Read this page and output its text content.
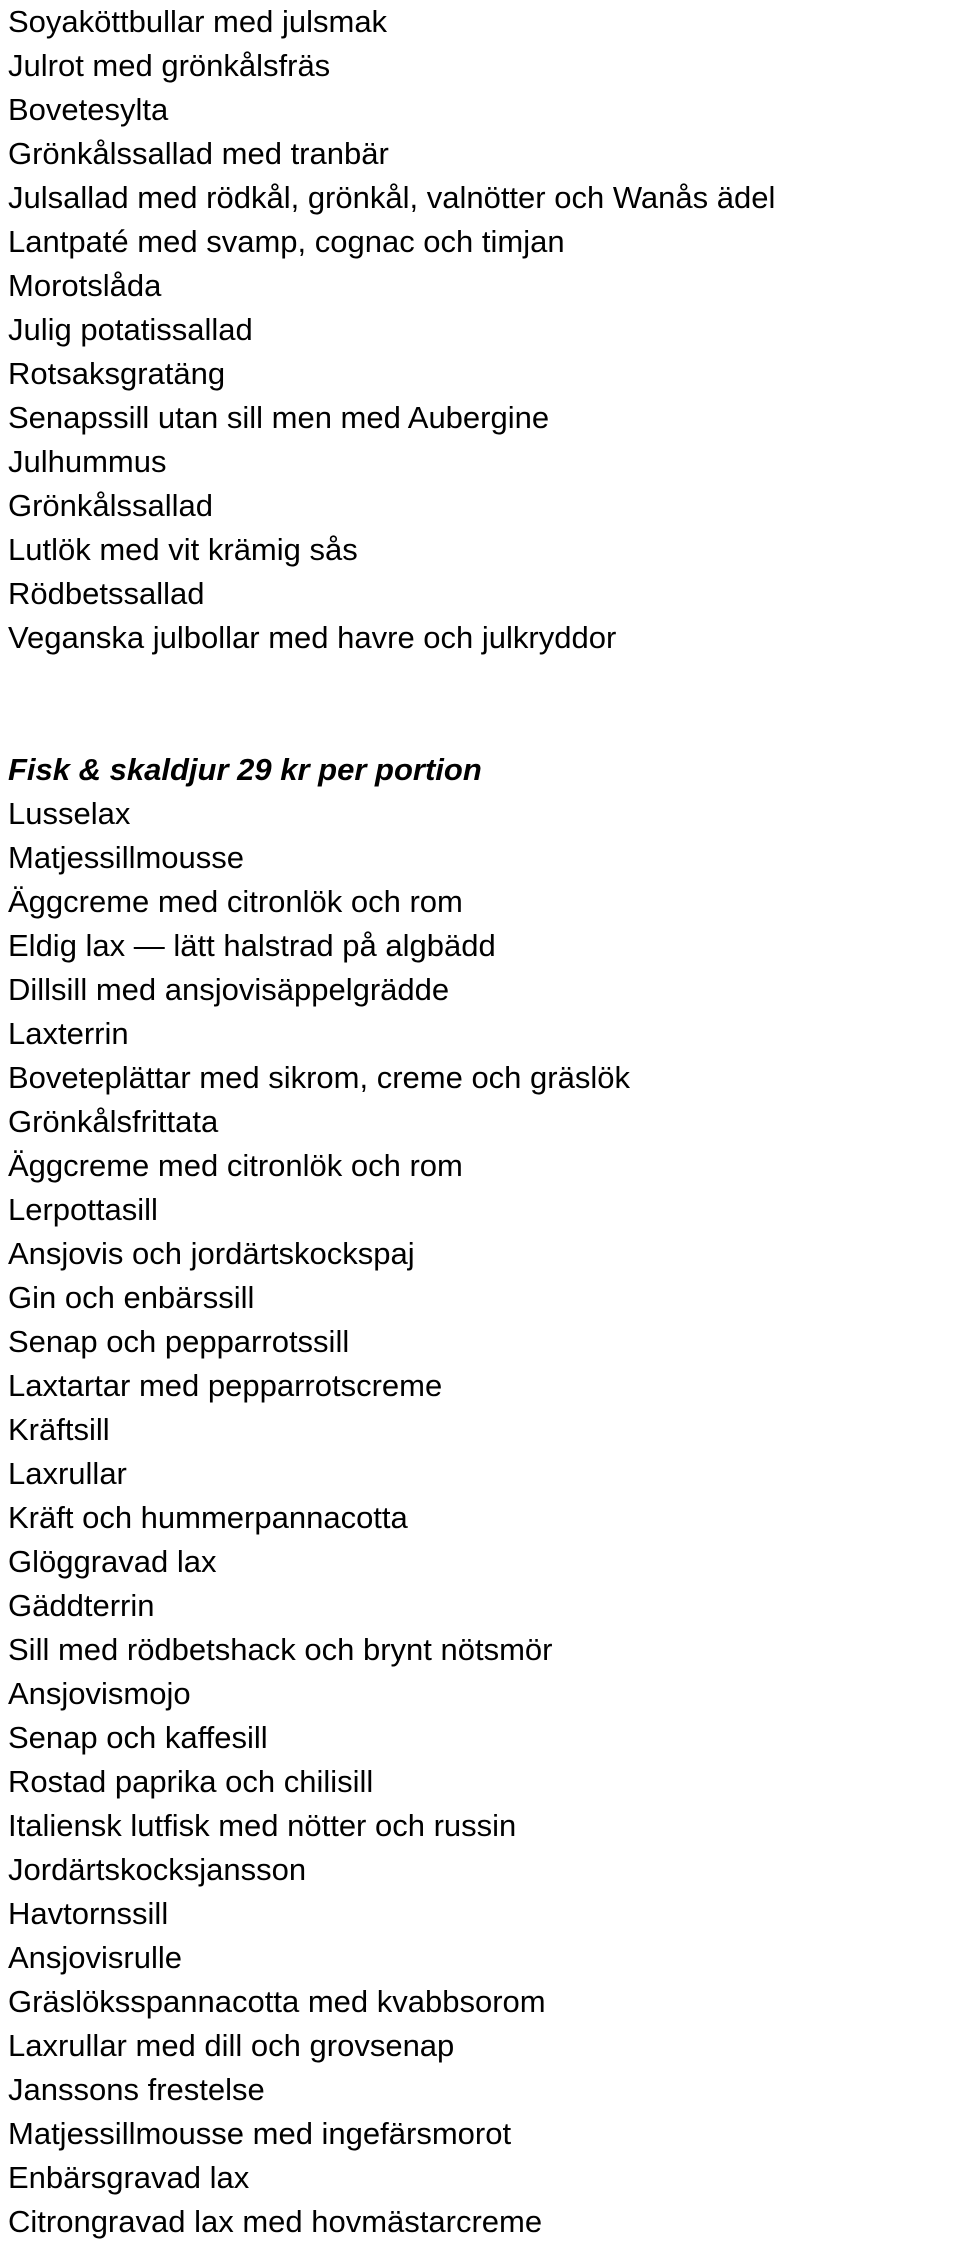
Soyaköttbullar med julsmak
Julrot med grönkålsfräs
Bovetesylta
Grönkålssallad med tranbär
Julsallad med rödkål, grönkål, valnötter och Wanås ädel
Lantpaté med svamp, cognac och timjan
Morotslåda
Julig potatissallad
Rotsaksgratäng
Senapssill utan sill men med Aubergine
Julhummus
Grönkålssallad
Lutlök med vit krämig sås
Rödbetssallad
Veganska julbollar med havre och julkryddor
Fisk & skaldjur 29 kr per portion
Lusselax
Matjessillmousse
Äggcreme med citronlök och rom
Eldig lax — lätt halstrad på algbädd
Dillsill med ansjovisäppelgrädde
Laxterrin
Boveteplättar med sikrom, creme och gräslök
Grönkålsfrittata
Äggcreme med citronlök och rom
Lerpottasill
Ansjovis och jordärtskockspaj
Gin och enbärssill
Senap och pepparrotssill
Laxtartar med pepparrotscreme
Kräftsill
Laxrullar
Kräft och hummerpannacotta
Glöggravad lax
Gäddterrin
Sill med rödbetshack och brynt nötsmör
Ansjovismojo
Senap och kaffesill
Rostad paprika och chilisill
Italiensk lutfisk med nötter och russin
Jordärtskocksjansson
Havtornssill
Ansjovisrulle
Gräslöksspannacotta med kvabbsorom
Laxrullar med dill och grovsenap
Janssons frestelse
Matjessillmousse med ingefärsmorot
Enbärsgravad lax
Citrongravad lax med hovmästarcreme
